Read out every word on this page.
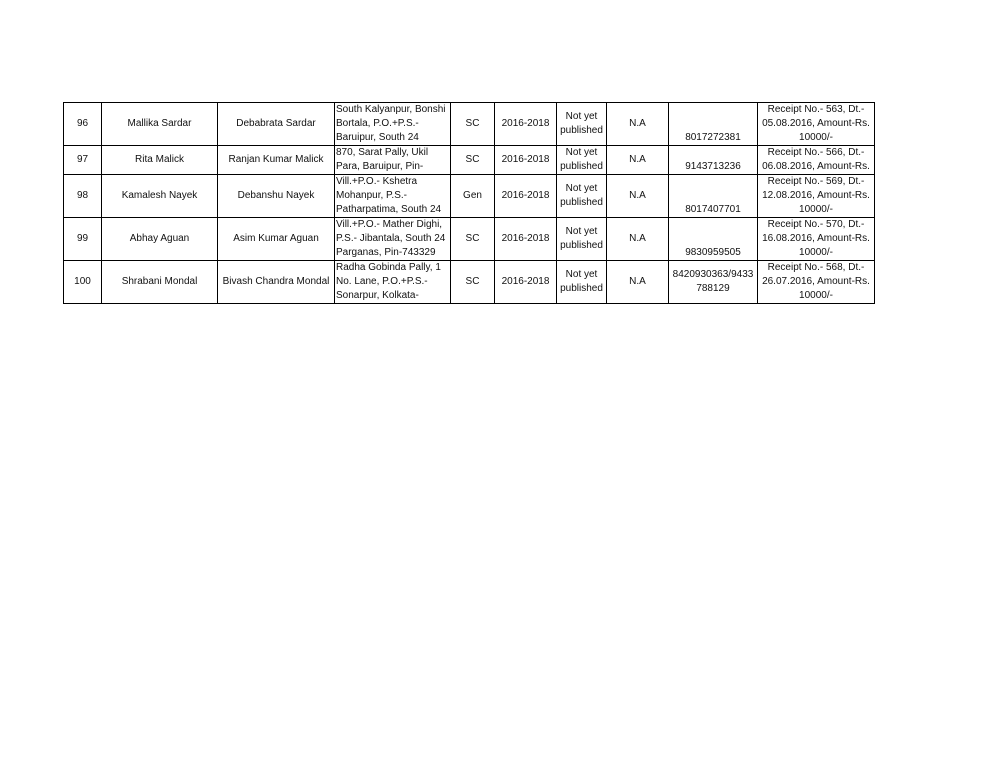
96	Mallika Sardar	Debabrata Sardar	South Kalyanpur, Bonshi
Bortala, P.O.+P.S.-
Baruipur, South 24	SC	2016-2018	Not yet
published	N.A	8017272381	Receipt No.- 563, Dt.-
05.08.2016, Amount-Rs.
10000/-

97	Rita Malick	Ranjan Kumar Malick	870, Sarat Pally, Ukil
Para, Baruipur, Pin-	SC	2016-2018	Not yet
published	N.A	9143713236	Receipt No.- 566, Dt.-
06.08.2016, Amount-Rs.

98	Kamalesh Nayek	Debanshu Nayek	Vill.+P.O.- Kshetra
Mohanpur, P.S.-
Patharpatima, South 24	Gen	2016-2018	Not yet
published	N.A	8017407701	Receipt No.- 569, Dt.-
12.08.2016, Amount-Rs.
10000/-

99	Abhay Aguan	Asim Kumar Aguan	Vill.+P.O.- Mather Dighi,
P.S.- Jibantala, South 24
Parganas, Pin-743329	SC	2016-2018	Not yet
published	N.A	9830959505	Receipt No.- 570, Dt.-
16.08.2016, Amount-Rs.
10000/-

100	Shrabani Mondal	Bivash Chandra Mondal	Radha Gobinda Pally, 1
No. Lane, P.O.+P.S.-
Sonarpur, Kolkata-	SC	2016-2018	Not yet
published	N.A	8420930363/9433
788129	Receipt No.- 568, Dt.-
26.07.2016, Amount-Rs.
10000/-
